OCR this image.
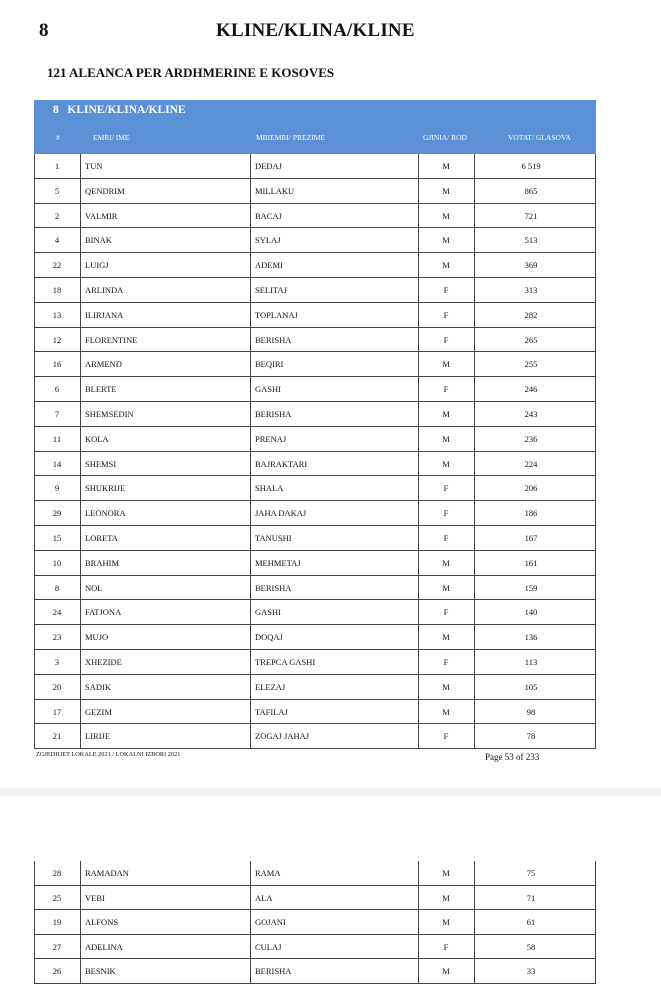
8	KLINE/KLINA/KLINE
121 ALEANCA PER ARDHMERINE E KOSOVES
8   KLINE/KLINA/KLINE
#	EMRI/ IME	MBIEMRI/ PREZIME	GJINIA/ ROD	VOTAT/ GLASOVA
1	TUN	DEDAJ	M	6 519
5	QENDRIM	MILLAKU	M	865
2	VALMIR	BACAJ	M	721
4	BINAK	SYLAJ	M	513
22	LUIGJ	ADEMI	M	369
18	ARLINDA	SELITAJ	F	313
13	ILIRJANA	TOPLANAJ	F	282
12	FLORENTINE	BERISHA	F	265
16	ARMEND	BEQIRI	M	255
6	BLERTE	GASHI	F	246
7	SHEMSEDIN	BERISHA	M	243
11	KOLA	PRENAJ	M	236
14	SHEMSI	BAJRAKTARI	M	224
9	SHUKRIJE	SHALA	F	206
29	LEONORA	JAHA DAKAJ	F	186
15	LORETA	TANUSHI	F	167
10	BRAHIM	MEHMETAJ	M	161
8	NOL	BERISHA	M	159
24	FATJONA	GASHI	F	140
23	MUJO	DOQAJ	M	136
3	XHEZIDE	TREPCA GASHI	F	113
20	SADIK	ELEZAJ	M	105
17	GEZIM	TAFILAJ	M	98
21	LIRIJE	ZOGAJ JAHAJ	F	78
ZGJEDHJET LOKALE 2021 / LOKALNI IZBORI 2021	Page 53 of 233
28	RAMADAN	RAMA	M	75
25	VEBI	ALA	M	71
19	ALFONS	GOJANI	M	61
27	ADELINA	CULAJ	F	58
26	BESNIK	BERISHA	M	33
